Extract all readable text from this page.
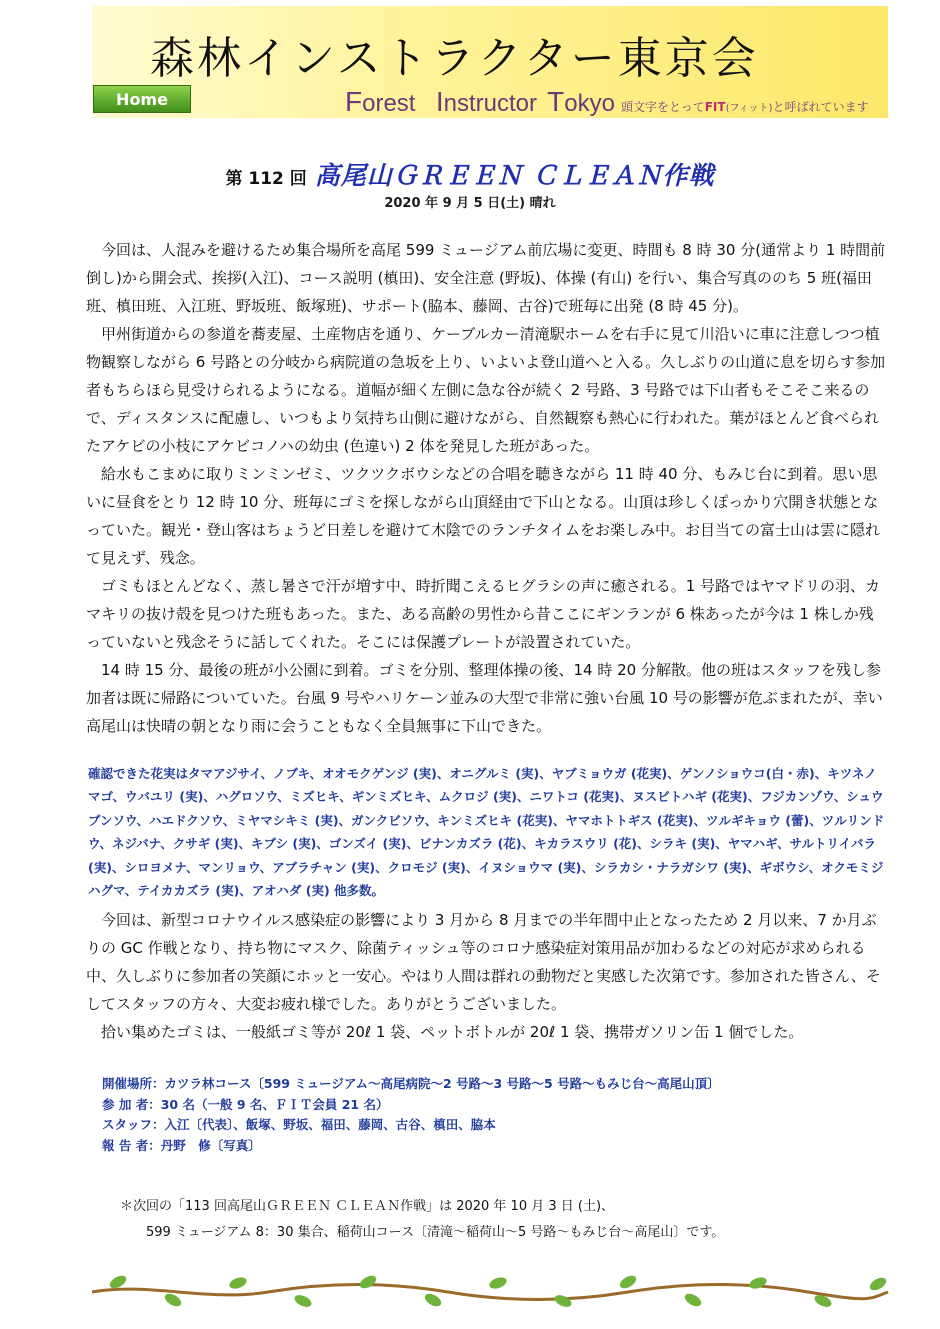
森林インストラクター東京会
Home	Forest Instructor Tokyo 頭文字をとってFIT(フィット)と呼ばれています
第 112 回 高尾山ＧＲＥＥＮ ＣＬＥＡＮ作戦
2020 年 9 月 5 日(土) 晴れ

今回は、人混みを避けるため集合場所を高尾 599 ミュージアム前広場に変更、時間も 8 時 30 分(通常より 1 時間前倒し)から開会式、挨拶(入江)、コース説明 (槙田)、安全注意 (野坂)、体操 (有山) を行い、集合写真ののち 5 班(福田班、槙田班、入江班、野坂班、飯塚班)、サポート(脇本、藤岡、古谷)で班毎に出発 (8 時 45 分)。

甲州街道からの参道を蕎麦屋、土産物店を通り、ケーブルカー清滝駅ホームを右手に見て川沿いに車に注意しつつ植物観察しながら 6 号路との分岐から病院道の急坂を上り、いよいよ登山道へと入る。久しぶりの山道に息を切らす参加者もちらほら見受けられるようになる。道幅が細く左側に急な谷が続く 2 号路、3 号路では下山者もそこそこ来るので、ディスタンスに配慮し、いつもより気持ち山側に避けながら、自然観察も熱心に行われた。葉がほとんど食べられたアケビの小枝にアケビコノハの幼虫 (色違い) 2 体を発見した班があった。

給水もこまめに取りミンミンゼミ、ツクツクボウシなどの合唱を聴きながら 11 時 40 分、もみじ台に到着。思い思いに昼食をとり 12 時 10 分、班毎にゴミを探しながら山頂経由で下山となる。山頂は珍しくぽっかり穴開き状態となっていた。観光・登山客はちょうど日差しを避けて木陰でのランチタイムをお楽しみ中。お目当ての富士山は雲に隠れて見えず、残念。

ゴミもほとんどなく、蒸し暑さで汗が増す中、時折聞こえるヒグラシの声に癒される。1 号路ではヤマドリの羽、カマキリの抜け殻を見つけた班もあった。また、ある高齢の男性から昔ここにギンランが 6 株あったが今は 1 株しか残っていないと残念そうに話してくれた。そこには保護プレートが設置されていた。

14 時 15 分、最後の班が小公園に到着。ゴミを分別、整理体操の後、14 時 20 分解散。他の班はスタッフを残し参加者は既に帰路についていた。台風 9 号やハリケーン並みの大型で非常に強い台風 10 号の影響が危ぶまれたが、幸い高尾山は快晴の朝となり雨に会うこともなく全員無事に下山できた。

確認できた花実はタマアジサイ、ノブキ、オオモクゲンジ (実)、オニグルミ (実)、ヤブミョウガ (花実)、ゲンノショウコ(白・赤)、キツネノマゴ、ウバユリ (実)、ハグロソウ、ミズヒキ、ギンミズヒキ、ムクロジ (実)、ニワトコ (花実)、ヌスビトハギ (花実)、フジカンゾウ、シュウブンソウ、ハエドクソウ、ミヤマシキミ (実)、ガンクビソウ、キンミズヒキ (花実)、ヤマホトトギス (花実)、ツルギキョウ (蕾)、ツルリンドウ、ネジバナ、クサギ (実)、キブシ (実)、ゴンズイ (実)、ビナンカズラ (花)、キカラスウリ (花)、シラキ (実)、ヤマハギ、サルトリイバラ (実)、シロヨメナ、マンリョウ、アブラチャン (実)、クロモジ (実)、イヌショウマ (実)、シラカシ・ナラガシワ (実)、ギボウシ、オクモミジハグマ、テイカカズラ (実)、アオハダ (実) 他多数。

今回は、新型コロナウイルス感染症の影響により 3 月から 8 月までの半年間中止となったため 2 月以来、7 か月ぶりの GC 作戦となり、持ち物にマスク、除菌ティッシュ等のコロナ感染症対策用品が加わるなどの対応が求められる中、久しぶりに参加者の笑顔にホッと一安心。やはり人間は群れの動物だと実感した次第です。参加された皆さん、そしてスタッフの方々、大変お疲れ様でした。ありがとうございました。

拾い集めたゴミは、一般紙ゴミ等が 20ℓ 1 袋、ペットボトルが 20ℓ 1 袋、携帯ガソリン缶 1 個でした。

開催場所：カツラ林コース〔599 ミュージアム～高尾病院～2 号路～3 号路～5 号路～もみじ台～高尾山頂〕
参 加 者：30 名（一般 9 名、ＦＩＴ会員 21 名）
スタッフ：入江〔代表〕、飯塚、野坂、福田、藤岡、古谷、槙田、脇本
報 告 者：丹野　修〔写真〕
＊次回の「113 回高尾山ＧＲＥＥＮ ＣＬＥＡＮ作戦」は 2020 年 10 月 3 日 (土)、
599 ミュージアム 8：30 集合、稲荷山コース〔清滝～稲荷山～5 号路～もみじ台～高尾山〕です。
